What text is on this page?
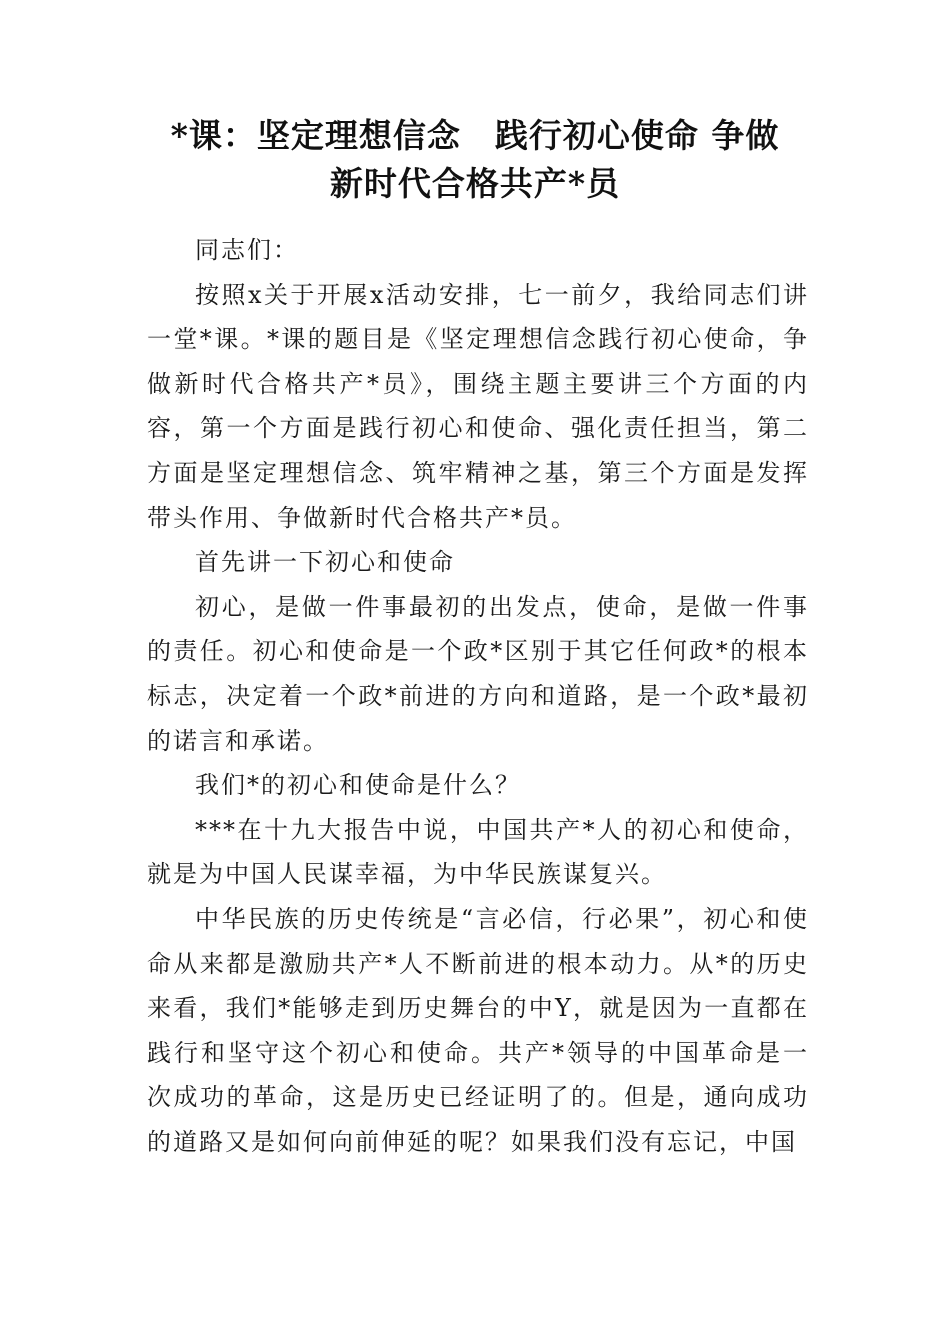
*课：坚定理想信念　践行初心使命 争做
新时代合格共产*员

同志们：

按照x关于开展x活动安排，七一前夕，我给同志们讲一堂*课。*课的题目是《坚定理想信念践行初心使命，争做新时代合格共产*员》，围绕主题主要讲三个方面的内容，第一个方面是践行初心和使命、强化责任担当，第二方面是坚定理想信念、筑牢精神之基，第三个方面是发挥带头作用、争做新时代合格共产*员。

首先讲一下初心和使命

初心，是做一件事最初的出发点，使命，是做一件事的责任。初心和使命是一个政*区别于其它任何政*的根本标志，决定着一个政*前进的方向和道路，是一个政*最初的诺言和承诺。

我们*的初心和使命是什么？

***在十九大报告中说，中国共产*人的初心和使命，就是为中国人民谋幸福，为中华民族谋复兴。

中华民族的历史传统是“言必信，行必果”，初心和使命从来都是激励共产*人不断前进的根本动力。从*的历史来看，我们*能够走到历史舞台的中Y，就是因为一直都在践行和坚守这个初心和使命。共产*领导的中国革命是一次成功的革命，这是历史已经证明了的。但是，通向成功的道路又是如何向前伸延的呢？如果我们没有忘记，中国
